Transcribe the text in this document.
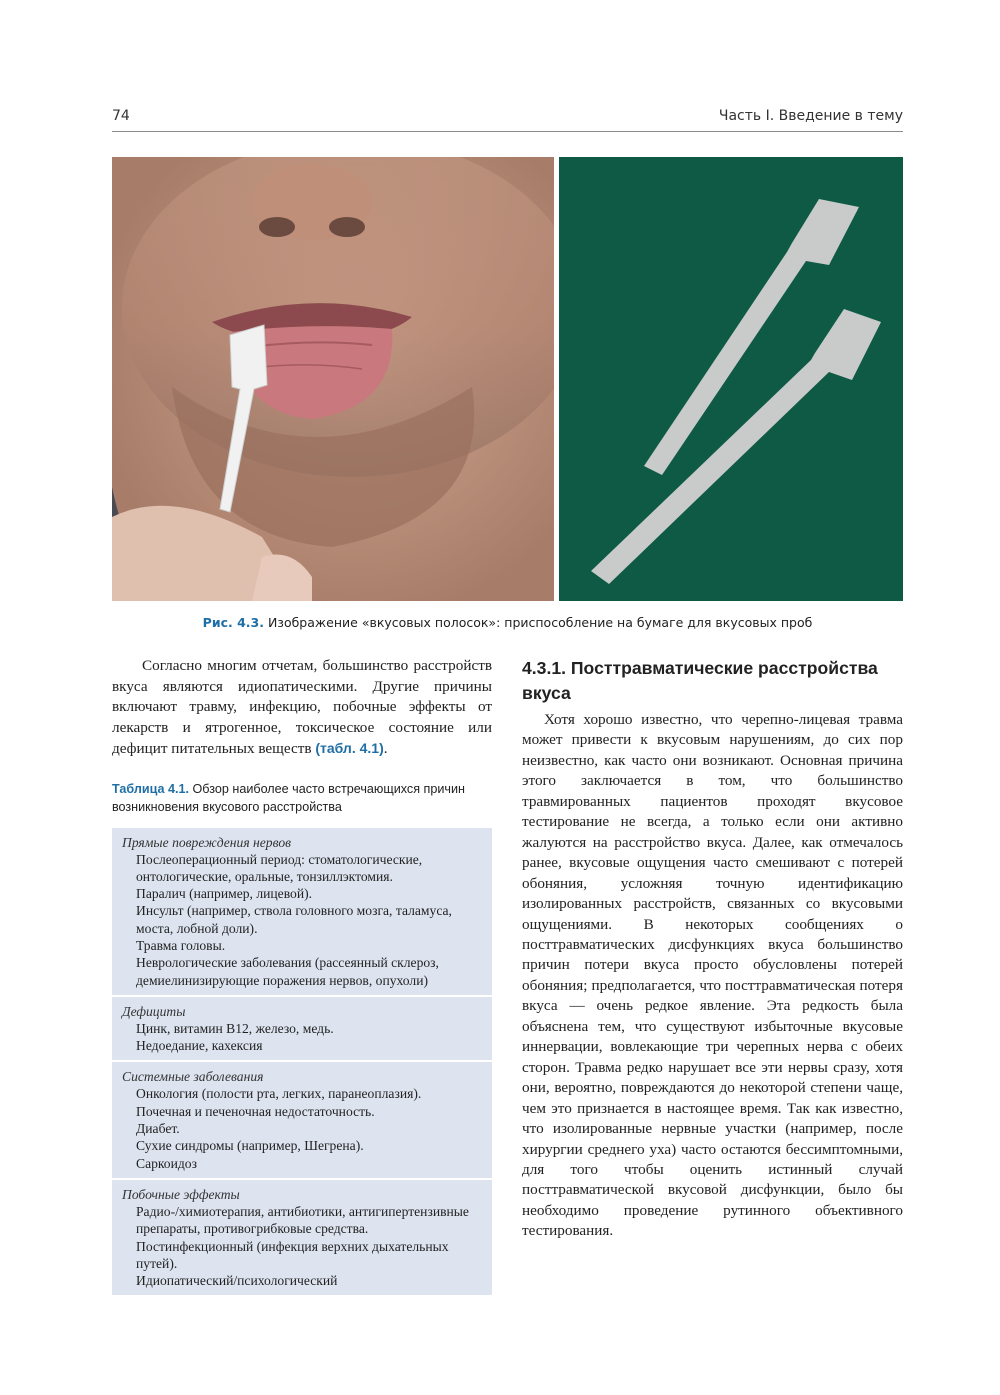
74	Часть I. Введение в тему
Рис. 4.3. Изображение «вкусовых полосок»: приспособление на бумаге для вкусовых проб

Согласно многим отчетам, большинство расстройств вкуса являются идиопатическими. Другие причины включают травму, инфекцию, побочные эффекты от лекарств и ятрогенное, токсическое состояние или дефицит питательных веществ (табл. 4.1).

Таблица 4.1. Обзор наиболее часто встречающихся причин возникновения вкусового расстройства
Прямые повреждения нервов
Послеоперационный период: стоматологические, онтологические, оральные, тонзиллэктомия.
Паралич (например, лицевой).
Инсульт (например, ствола головного мозга, таламуса, моста, лобной доли).
Травма головы.
Неврологические заболевания (рассеянный склероз, демиелинизирующие поражения нервов, опухоли)
Дефициты
Цинк, витамин B12, железо, медь.
Недоедание, кахексия
Системные заболевания
Онкология (полости рта, легких, паранеоплазия).
Почечная и печеночная недостаточность.
Диабет.
Сухие синдромы (например, Шегрена).
Саркоидоз
Побочные эффекты
Радио-/химиотерапия, антибиотики, антигипертензивные препараты, противогрибковые средства.
Постинфекционный (инфекция верхних дыхательных путей).
Идиопатический/психологический
4.3.1. Посттравматические расстройства вкуса

Хотя хорошо известно, что черепно-лицевая травма может привести к вкусовым нарушениям, до сих пор неизвестно, как часто они возникают. Основная причина этого заключается в том, что большинство травмированных пациентов проходят вкусовое тестирование не всегда, а только если они активно жалуются на расстройство вкуса. Далее, как отмечалось ранее, вкусовые ощущения часто смешивают с потерей обоняния, усложняя точную идентификацию изолированных расстройств, связанных со вкусовыми ощущениями. В некоторых сообщениях о посттравматических дисфункциях вкуса большинство причин потери вкуса просто обусловлены потерей обоняния; предполагается, что посттравматическая потеря вкуса — очень редкое явление. Эта редкость была объяснена тем, что существуют избыточные вкусовые иннервации, вовлекающие три черепных нерва с обеих сторон. Травма редко нарушает все эти нервы сразу, хотя они, вероятно, повреждаются до некоторой степени чаще, чем это признается в настоящее время. Так как известно, что изолированные нервные участки (например, после хирургии среднего уха) часто остаются бессимптомными, для того чтобы оценить истинный случай посттравматической вкусовой дисфункции, было бы необходимо проведение рутинного объективного тестирования.
